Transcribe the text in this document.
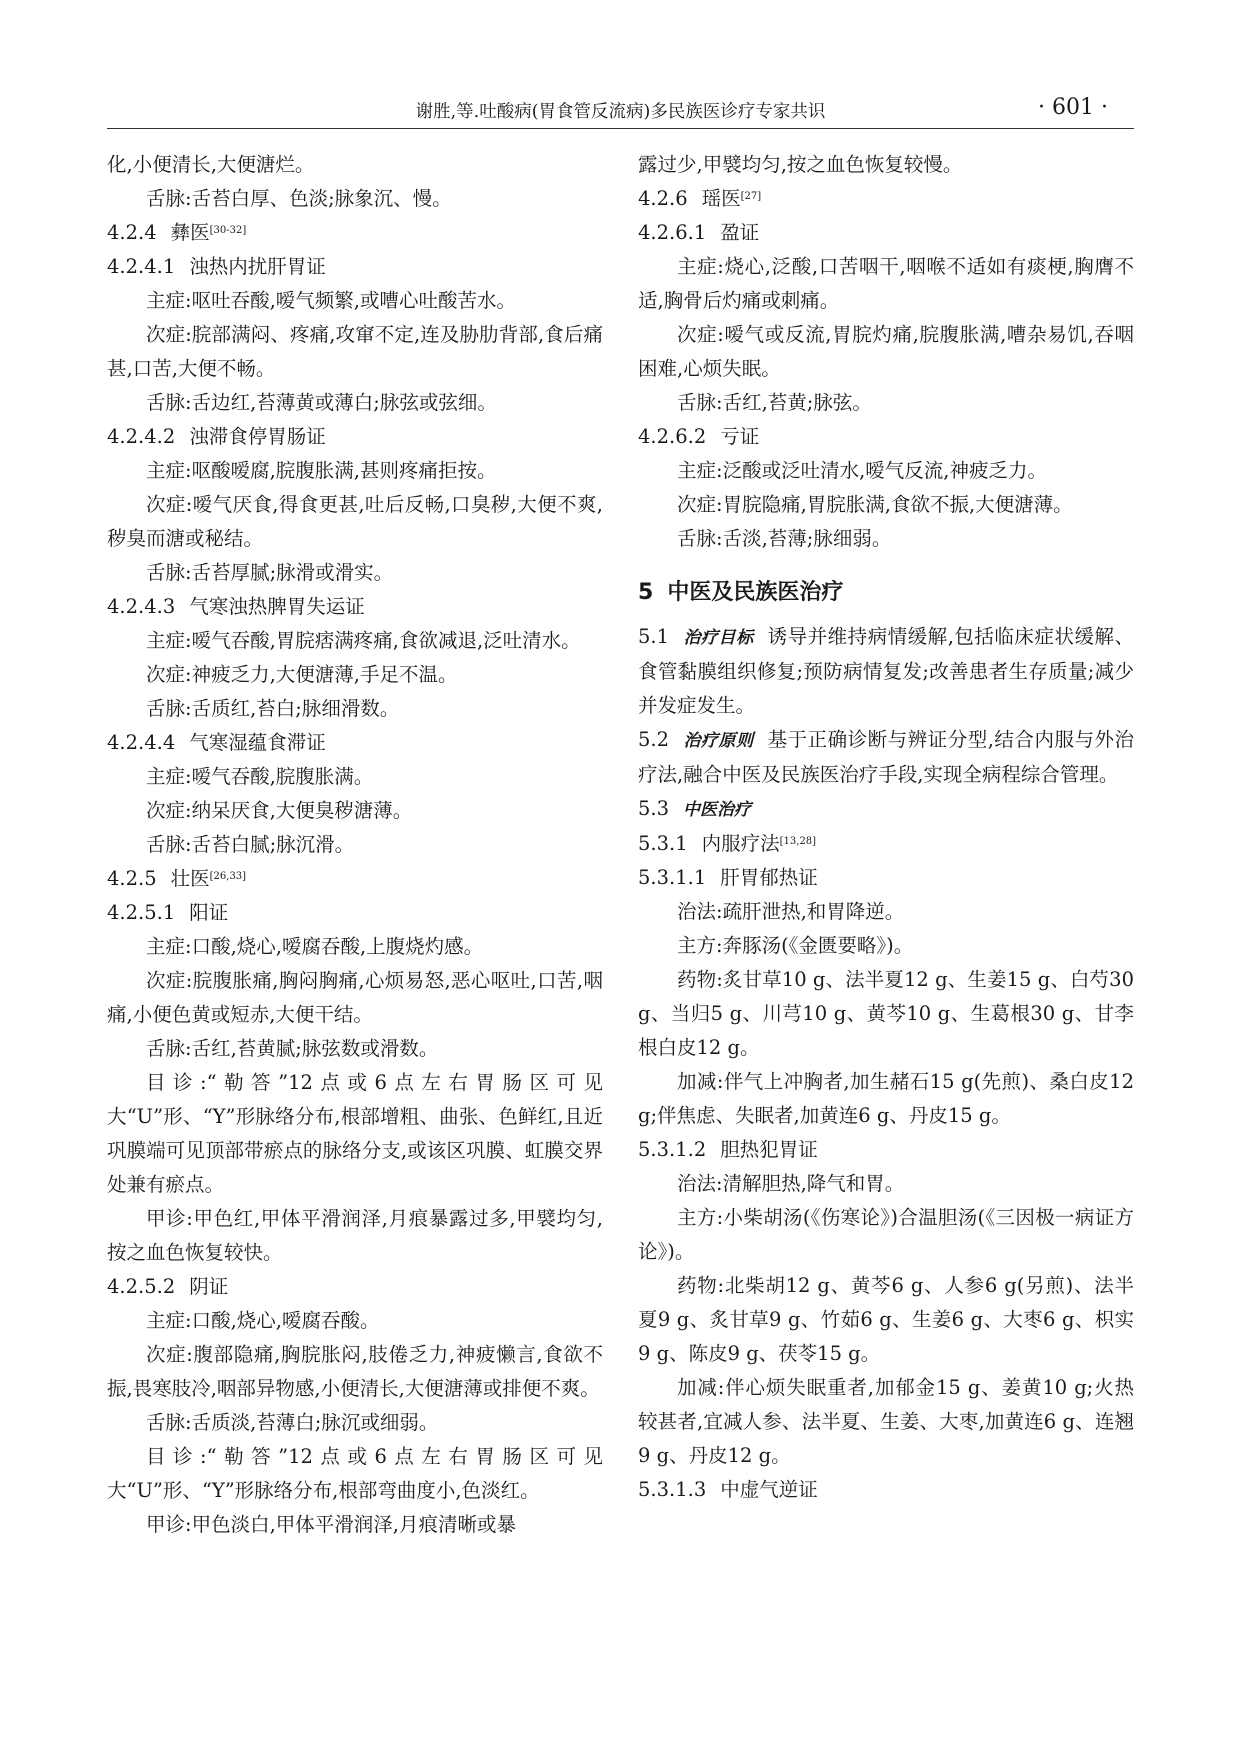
谢胜,等.吐酸病(胃食管反流病)多民族医诊疗专家共识	· 601 ·

化,小便清长,大便溏烂。

舌脉:舌苔白厚、色淡;脉象沉、慢。

4.2.4 彝医[30-32]

4.2.4.1 浊热内扰肝胃证

主症:呕吐吞酸,嗳气频繁,或嘈心吐酸苦水。

次症:脘部满闷、疼痛,攻窜不定,连及胁肋背部,食后痛甚,口苦,大便不畅。

舌脉:舌边红,苔薄黄或薄白;脉弦或弦细。

4.2.4.2 浊滞食停胃肠证

主症:呕酸嗳腐,脘腹胀满,甚则疼痛拒按。

次症:嗳气厌食,得食更甚,吐后反畅,口臭秽,大便不爽,秽臭而溏或秘结。

舌脉:舌苔厚腻;脉滑或滑实。

4.2.4.3 气寒浊热脾胃失运证

主症:嗳气吞酸,胃脘痞满疼痛,食欲减退,泛吐清水。

次症:神疲乏力,大便溏薄,手足不温。

舌脉:舌质红,苔白;脉细滑数。

4.2.4.4 气寒湿蕴食滞证

主症:嗳气吞酸,脘腹胀满。

次症:纳呆厌食,大便臭秽溏薄。

舌脉:舌苔白腻;脉沉滑。

4.2.5 壮医[26,33]

4.2.5.1 阳证

主症:口酸,烧心,嗳腐吞酸,上腹烧灼感。

次症:脘腹胀痛,胸闷胸痛,心烦易怒,恶心呕吐,口苦,咽痛,小便色黄或短赤,大便干结。

舌脉:舌红,苔黄腻;脉弦数或滑数。

目诊:“勒答”12点或6点左右胃肠区可见大“U”形、“Y”形脉络分布,根部增粗、曲张、色鲜红,且近巩膜端可见顶部带瘀点的脉络分支,或该区巩膜、虹膜交界处兼有瘀点。

甲诊:甲色红,甲体平滑润泽,月痕暴露过多,甲襞均匀,按之血色恢复较快。

4.2.5.2 阴证

主症:口酸,烧心,嗳腐吞酸。

次症:腹部隐痛,胸脘胀闷,肢倦乏力,神疲懒言,食欲不振,畏寒肢冷,咽部异物感,小便清长,大便溏薄或排便不爽。

舌脉:舌质淡,苔薄白;脉沉或细弱。

目诊:“勒答”12点或6点左右胃肠区可见大“U”形、“Y”形脉络分布,根部弯曲度小,色淡红。

甲诊:甲色淡白,甲体平滑润泽,月痕清晰或暴

露过少,甲襞均匀,按之血色恢复较慢。

4.2.6 瑶医[27]

4.2.6.1 盈证

主症:烧心,泛酸,口苦咽干,咽喉不适如有痰梗,胸膺不适,胸骨后灼痛或刺痛。

次症:嗳气或反流,胃脘灼痛,脘腹胀满,嘈杂易饥,吞咽困难,心烦失眠。

舌脉:舌红,苔黄;脉弦。

4.2.6.2 亏证

主症:泛酸或泛吐清水,嗳气反流,神疲乏力。

次症:胃脘隐痛,胃脘胀满,食欲不振,大便溏薄。

舌脉:舌淡,苔薄;脉细弱。

5 中医及民族医治疗

5.1 治疗目标 诱导并维持病情缓解,包括临床症状缓解、食管黏膜组织修复;预防病情复发;改善患者生存质量;减少并发症发生。

5.2 治疗原则 基于正确诊断与辨证分型,结合内服与外治疗法,融合中医及民族医治疗手段,实现全病程综合管理。

5.3 中医治疗

5.3.1 内服疗法[13,28]

5.3.1.1 肝胃郁热证

治法:疏肝泄热,和胃降逆。

主方:奔豚汤(《金匮要略》)。

药物:炙甘草10 g、法半夏12 g、生姜15 g、白芍30 g、当归5 g、川芎10 g、黄芩10 g、生葛根30 g、甘李根白皮12 g。

加减:伴气上冲胸者,加生赭石15 g(先煎)、桑白皮12 g;伴焦虑、失眠者,加黄连6 g、丹皮15 g。

5.3.1.2 胆热犯胃证

治法:清解胆热,降气和胃。

主方:小柴胡汤(《伤寒论》)合温胆汤(《三因极一病证方论》)。

药物:北柴胡12 g、黄芩6 g、人参6 g(另煎)、法半夏9 g、炙甘草9 g、竹茹6 g、生姜6 g、大枣6 g、枳实9 g、陈皮9 g、茯苓15 g。

加减:伴心烦失眠重者,加郁金15 g、姜黄10 g;火热较甚者,宜减人参、法半夏、生姜、大枣,加黄连6 g、连翘9 g、丹皮12 g。

5.3.1.3 中虚气逆证
